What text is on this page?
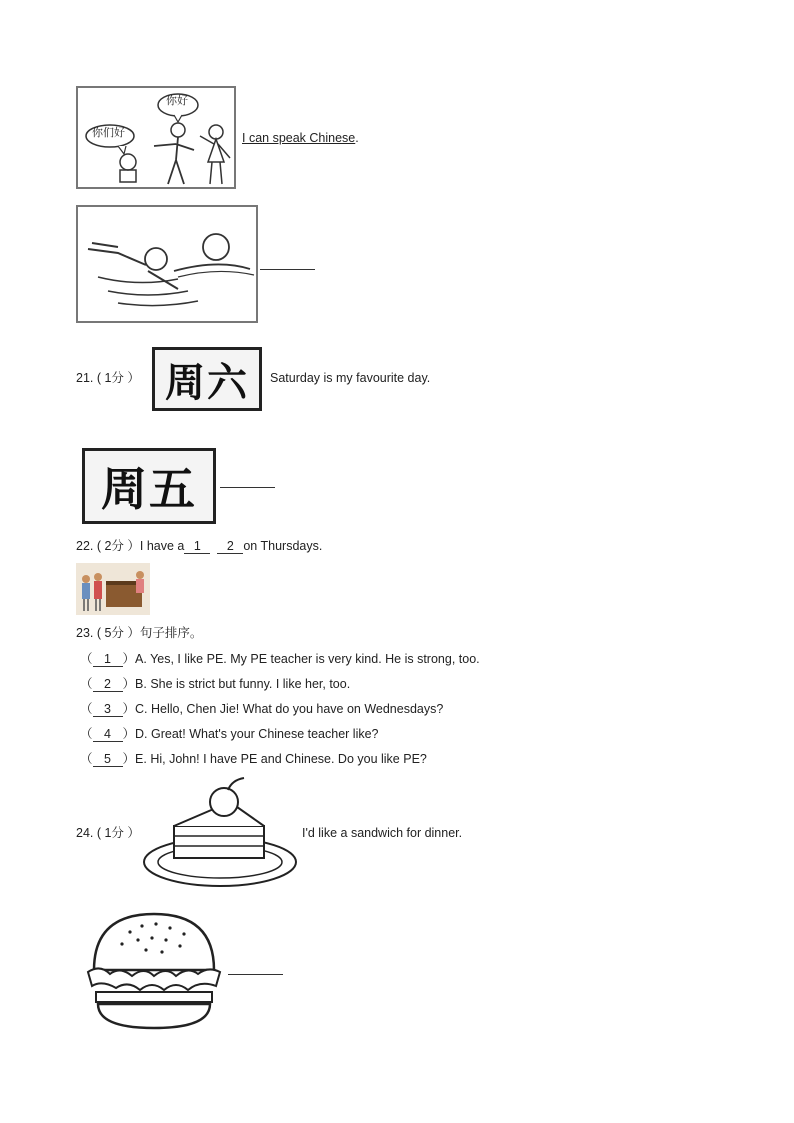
你们好
你好
I can speak Chinese.
21. ( 1分 ） 周六 Saturday is my favourite day.
周五
22. ( 2分 ）I have a 1 2 on Thursdays.
23. ( 5分 ）句子排序。
（ 1 ）A. Yes, I like PE. My PE teacher is very kind. He is strong, too.
（ 2 ）B. She is strict but funny. I like her, too.
（ 3 ）C. Hello, Chen Jie! What do you have on Wednesdays?
（ 4 ）D. Great! What's your Chinese teacher like?
（ 5 ）E. Hi, John! I have PE and Chinese. Do you like PE?
24. ( 1分 ）	I'd like a sandwich for dinner.
